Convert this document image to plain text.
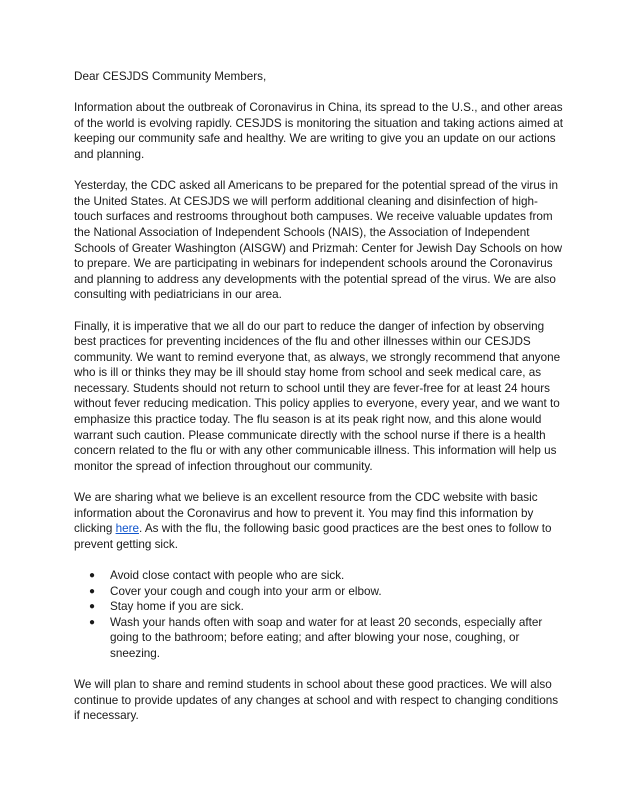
Dear CESJDS Community Members,

Information about the outbreak of Coronavirus in China, its spread to the U.S., and other areas of the world is evolving rapidly. CESJDS is monitoring the situation and taking actions aimed at keeping our community safe and healthy. We are writing to give you an update on our actions and planning.

Yesterday, the CDC asked all Americans to be prepared for the potential spread of the virus in the United States. At CESJDS we will perform additional cleaning and disinfection of high-touch surfaces and restrooms throughout both campuses. We receive valuable updates from the National Association of Independent Schools (NAIS), the Association of Independent Schools of Greater Washington (AISGW) and Prizmah: Center for Jewish Day Schools on how to prepare. We are participating in webinars for independent schools around the Coronavirus and planning to address any developments with the potential spread of the virus. We are also consulting with pediatricians in our area.

Finally, it is imperative that we all do our part to reduce the danger of infection by observing best practices for preventing incidences of the flu and other illnesses within our CESJDS community. We want to remind everyone that, as always, we strongly recommend that anyone who is ill or thinks they may be ill should stay home from school and seek medical care, as necessary. Students should not return to school until they are fever-free for at least 24 hours without fever reducing medication. This policy applies to everyone, every year, and we want to emphasize this practice today. The flu season is at its peak right now, and this alone would warrant such caution. Please communicate directly with the school nurse if there is a health concern related to the flu or with any other communicable illness. This information will help us monitor the spread of infection throughout our community.

We are sharing what we believe is an excellent resource from the CDC website with basic information about the Coronavirus and how to prevent it. You may find this information by clicking here. As with the flu, the following basic good practices are the best ones to follow to prevent getting sick.

● Avoid close contact with people who are sick.
● Cover your cough and cough into your arm or elbow.
● Stay home if you are sick.
● Wash your hands often with soap and water for at least 20 seconds, especially after going to the bathroom; before eating; and after blowing your nose, coughing, or sneezing.

We will plan to share and remind students in school about these good practices. We will also continue to provide updates of any changes at school and with respect to changing conditions if necessary.
